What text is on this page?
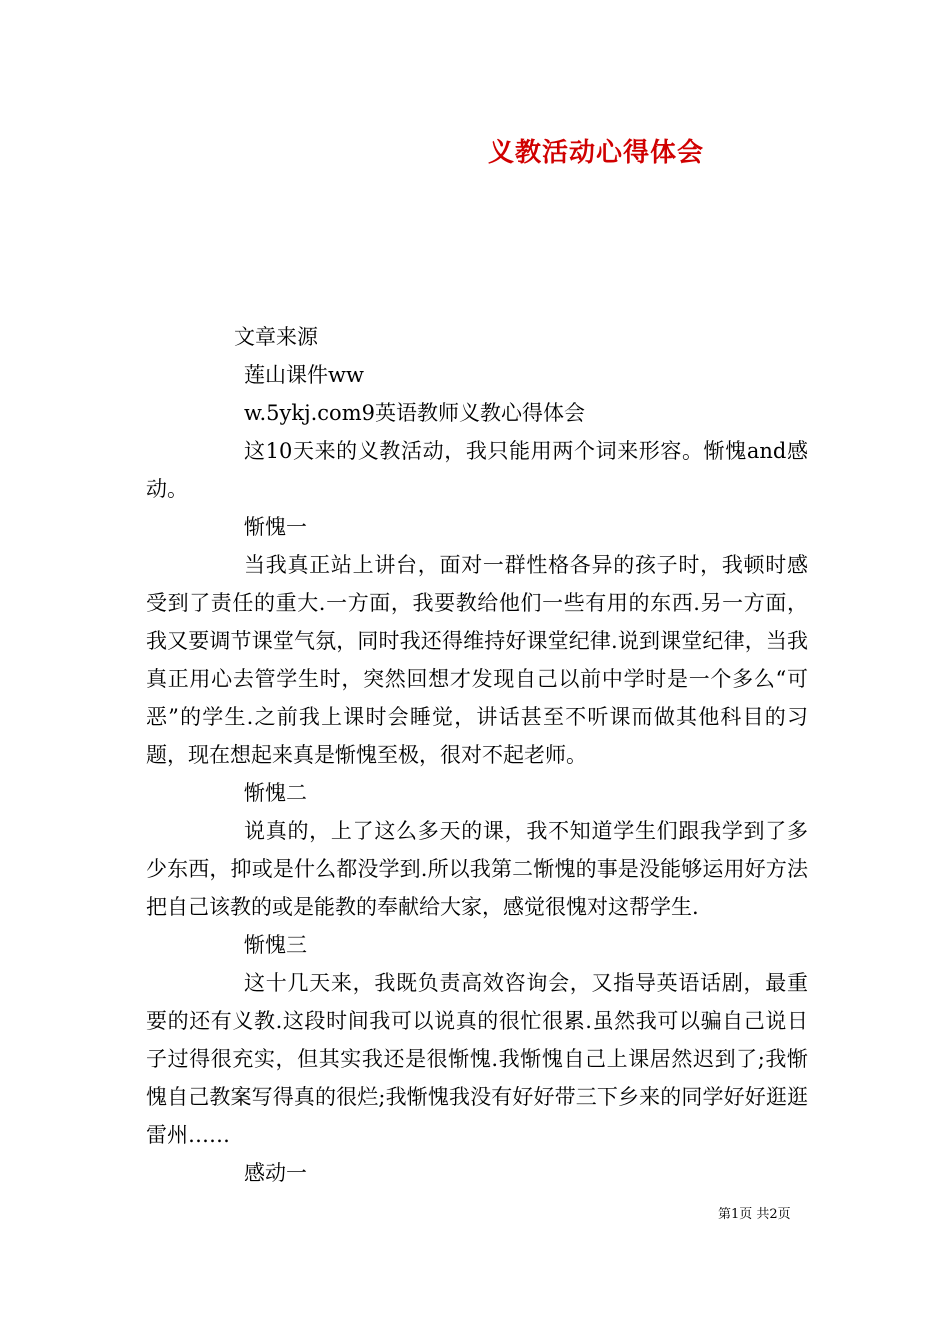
义教活动心得体会
文章来源
莲山课件ww
w.5ykj.com9英语教师义教心得体会

这10天来的义教活动，我只能用两个词来形容。惭愧and感动。

惭愧一

当我真正站上讲台，面对一群性格各异的孩子时，我顿时感受到了责任的重大.一方面，我要教给他们一些有用的东西.另一方面，我又要调节课堂气氛，同时我还得维持好课堂纪律.说到课堂纪律，当我真正用心去管学生时，突然回想才发现自己以前中学时是一个多么“可恶”的学生.之前我上课时会睡觉，讲话甚至不听课而做其他科目的习题，现在想起来真是惭愧至极，很对不起老师。

惭愧二

说真的，上了这么多天的课，我不知道学生们跟我学到了多少东西，抑或是什么都没学到.所以我第二惭愧的事是没能够运用好方法把自己该教的或是能教的奉献给大家，感觉很愧对这帮学生.

惭愧三

这十几天来，我既负责高效咨询会，又指导英语话剧，最重要的还有义教.这段时间我可以说真的很忙很累.虽然我可以骗自己说日子过得很充实，但其实我还是很惭愧.我惭愧自己上课居然迟到了;我惭愧自己教案写得真的很烂;我惭愧我没有好好带三下乡来的同学好好逛逛雷州……

感动一
第1页 共2页
